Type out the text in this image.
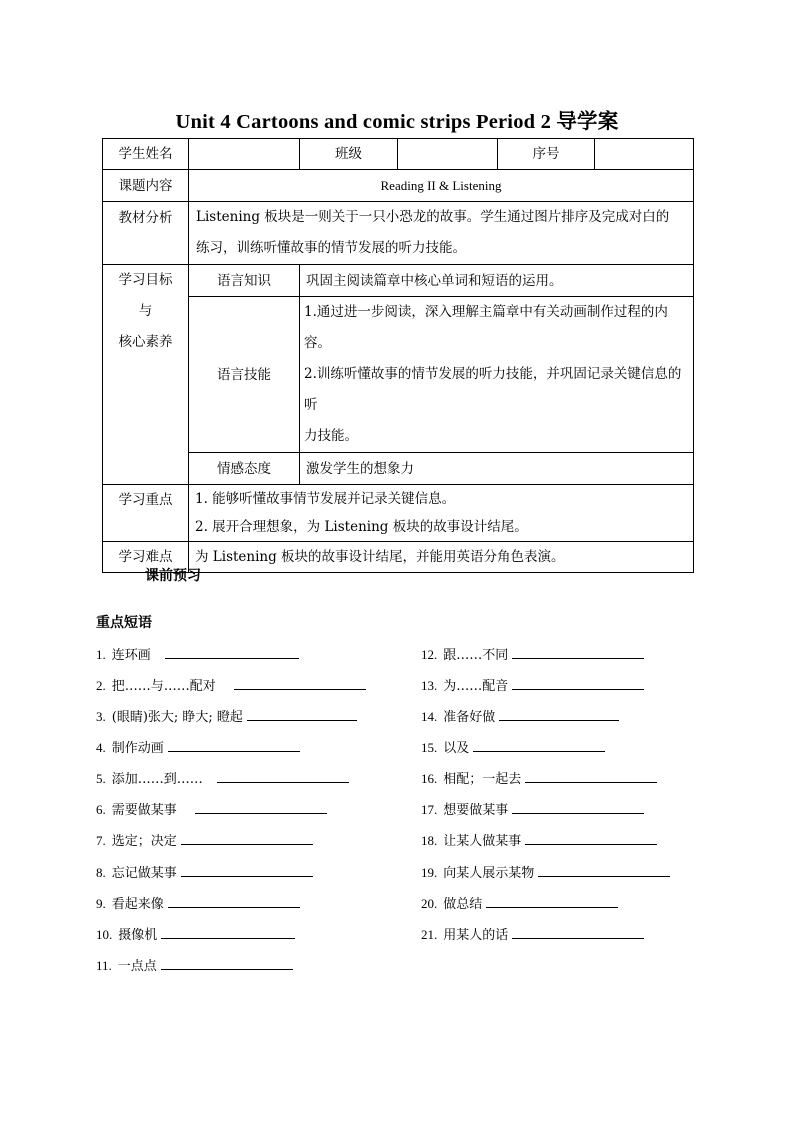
Unit 4 Cartoons and comic strips Period 2 导学案
学生姓名		班级		序号	
课题内容	Reading II & Listening				
教材分析	Listening 板块是一则关于一只小恐龙的故事。学生通过图片排序及完成对白的
练习，训练听懂故事的情节发展的听力技能。				

学习目标
与
核心素养	语言知识	巩固主阅读篇章中核心单词和短语的运用。			
	语言技能	1.通过进一步阅读，深入理解主篇章中有关动画制作过程的内容。
2.训练听懂故事的情节发展的听力技能，并巩固记录关键信息的听
力技能。			

	情感态度	激发学生的想象力			
学习重点	1. 能够听懂故事情节发展并记录关键信息。
2. 展开合理想象，为 Listening 板块的故事设计结尾。				

学习难点	为 Listening 板块的故事设计结尾，并能用英语分角色表演。				
课前预习
重点短语
1. 连环画
2. 把……与……配对
3. (眼睛)张大; 睁大; 瞪起
4. 制作动画
5. 添加……到……
6. 需要做某事
7. 选定；决定
8. 忘记做某事
9. 看起来像
10. 摄像机
11. 一点点
12. 跟……不同
13. 为……配音
14. 准备好做
15. 以及
16. 相配；一起去
17. 想要做某事
18. 让某人做某事
19. 向某人展示某物
20. 做总结
21. 用某人的话
